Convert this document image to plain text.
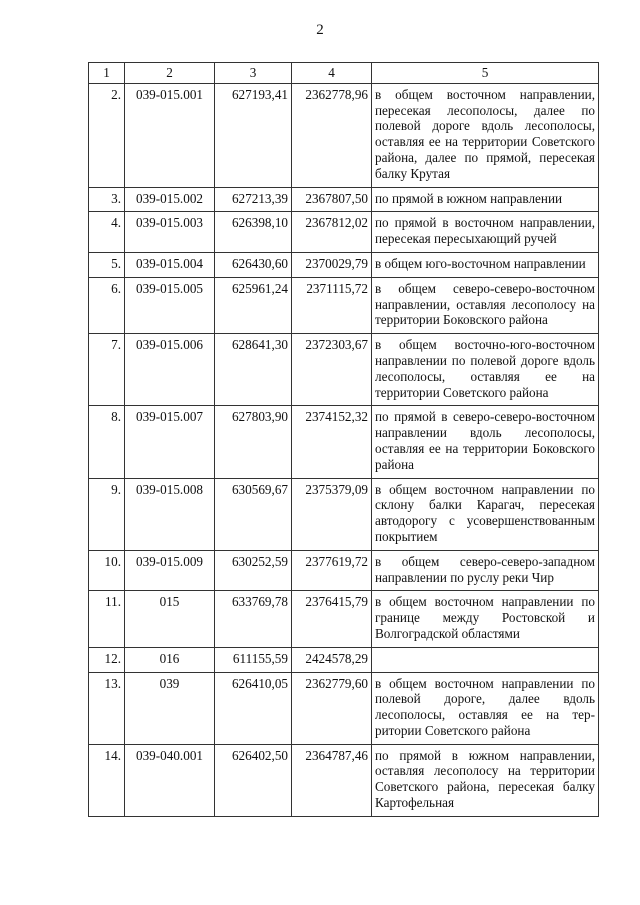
2
1	2	3	4	5
2.	039-015.001	627193,41	2362778,96	в общем восточном направлении, пересекая лесополосы, далее по полевой дороге вдоль лесополосы, оставляя ее на территории Советского района, далее по прямой, пересекая балку Крутая
3.	039-015.002	627213,39	2367807,50	по прямой в южном направлении
4.	039-015.003	626398,10	2367812,02	по прямой в восточном направлении, пересекая пересыхающий ручей
5.	039-015.004	626430,60	2370029,79	в общем юго-восточном направлении
6.	039-015.005	625961,24	2371115,72	в общем северо-северо-восточном направлении, оставляя лесополосу на территории Боковского района
7.	039-015.006	628641,30	2372303,67	в общем восточно-юго-восточном направлении по полевой дороге вдоль лесополосы, оставляя ее на территории Советского района
8.	039-015.007	627803,90	2374152,32	по прямой в северо-северо-восточном направлении вдоль лесополосы, оставляя ее на территории Боковского района
9.	039-015.008	630569,67	2375379,09	в общем восточном направлении по склону балки Карагач, пересекая автодорогу с усовершенствованным покрытием
10.	039-015.009	630252,59	2377619,72	в общем северо-северо-западном направлении по руслу реки Чир
11.	015	633769,78	2376415,79	в общем восточном направлении по границе между Ростовской и Волгоградской областями
12.	016	611155,59	2424578,29	
13.	039	626410,05	2362779,60	в общем восточном направлении по полевой дороге, далее вдоль лесополосы, оставляя ее на территории Советского района
14.	039-040.001	626402,50	2364787,46	по прямой в южном направлении, оставляя лесополосу на территории Советского района, пересекая балку Картофельная
